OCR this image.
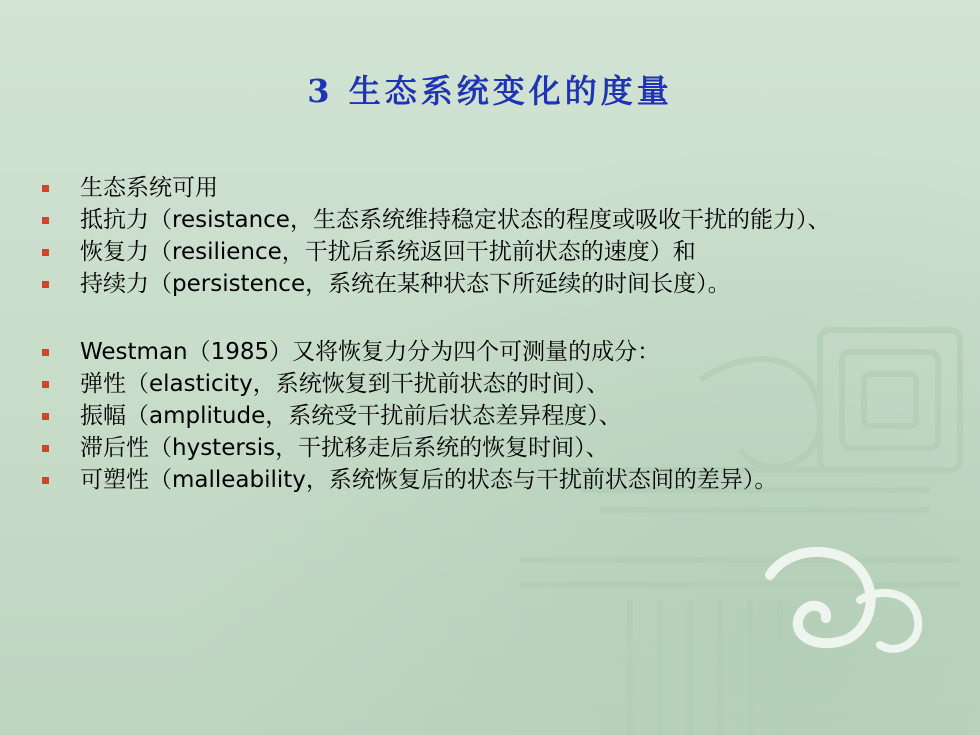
3 生态系统变化的度量
生态系统可用
抵抗力（resistance，生态系统维持稳定状态的程度或吸收干扰的能力）、
恢复力（resilience，干扰后系统返回干扰前状态的速度）和
持续力（persistence，系统在某种状态下所延续的时间长度）。
Westman（1985）又将恢复力分为四个可测量的成分：
弹性（elasticity，系统恢复到干扰前状态的时间）、
振幅（amplitude，系统受干扰前后状态差异程度）、
滞后性（hystersis，干扰移走后系统的恢复时间）、
可塑性（malleability，系统恢复后的状态与干扰前状态间的差异）。
